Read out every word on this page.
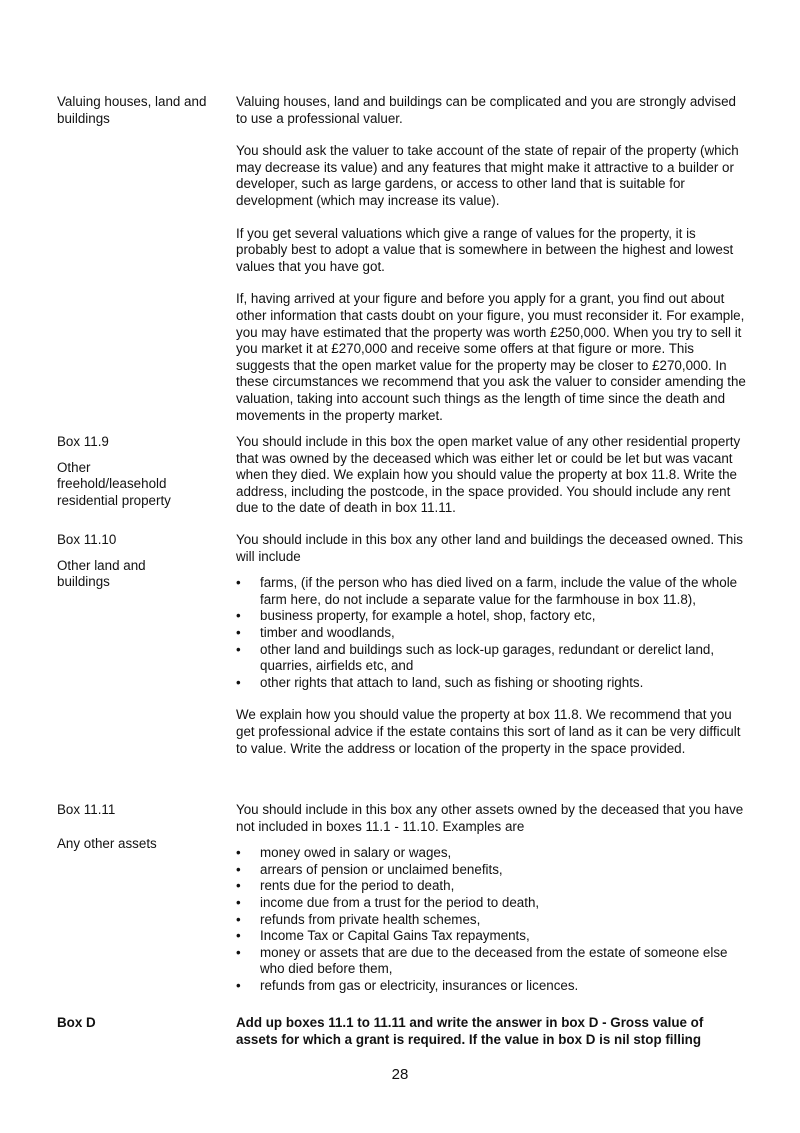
Valuing houses, land and buildings

Valuing houses, land and buildings can be complicated and you are strongly advised to use a professional valuer.

You should ask the valuer to take account of the state of repair of the property (which may decrease its value) and any features that might make it attractive to a builder or developer, such as large gardens, or access to other land that is suitable for development (which may increase its value).

If you get several valuations which give a range of values for the property, it is probably best to adopt a value that is somewhere in between the highest and lowest values that you have got.

If, having arrived at your figure and before you apply for a grant, you find out about other information that casts doubt on your figure, you must reconsider it. For example, you may have estimated that the property was worth £250,000. When you try to sell it you market it at £270,000 and receive some offers at that figure or more. This suggests that the open market value for the property may be closer to £270,000. In these circumstances we recommend that you ask the valuer to consider amending the valuation, taking into account such things as the length of time since the death and movements in the property market.

Box 11.9

Other freehold/leasehold residential property

You should include in this box the open market value of any other residential property that was owned by the deceased which was either let or could be let but was vacant when they died. We explain how you should value the property at box 11.8. Write the address, including the postcode, in the space provided. You should include any rent due to the date of death in box 11.11.

Box 11.10

Other land and buildings

You should include in this box any other land and buildings the deceased owned. This will include

• farms, (if the person who has died lived on a farm, include the value of the whole farm here, do not include a separate value for the farmhouse in box 11.8),
• business property, for example a hotel, shop, factory etc,
• timber and woodlands,
• other land and buildings such as lock-up garages, redundant or derelict land, quarries, airfields etc, and
• other rights that attach to land, such as fishing or shooting rights.

We explain how you should value the property at box 11.8. We recommend that you get professional advice if the estate contains this sort of land as it can be very difficult to value. Write the address or location of the property in the space provided.

Box 11.11

Any other assets

You should include in this box any other assets owned by the deceased that you have not included in boxes 11.1 - 11.10. Examples are

• money owed in salary or wages,
• arrears of pension or unclaimed benefits,
• rents due for the period to death,
• income due from a trust for the period to death,
• refunds from private health schemes,
• Income Tax or Capital Gains Tax repayments,
• money or assets that are due to the deceased from the estate of someone else who died before them,
• refunds from gas or electricity, insurances or licences.

Box D	Add up boxes 11.1 to 11.11 and write the answer in box D - Gross value of assets for which a grant is required. If the value in box D is nil stop filling

28
